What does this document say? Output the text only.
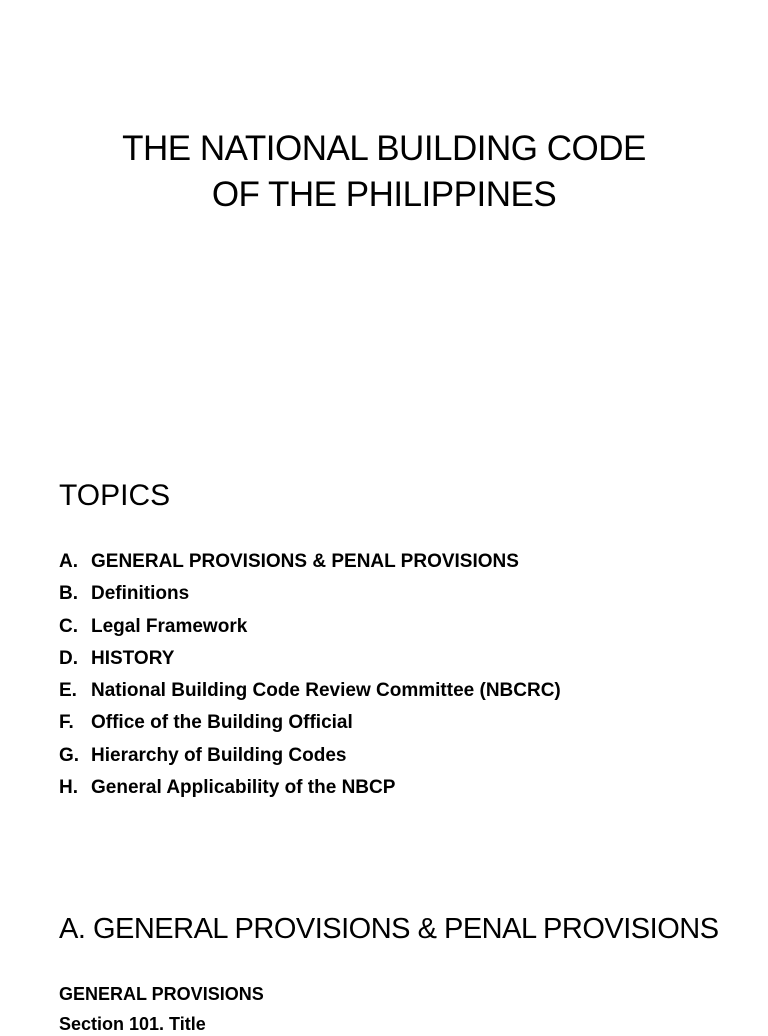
THE NATIONAL BUILDING CODE
OF THE PHILIPPINES
TOPICS
A. GENERAL PROVISIONS & PENAL PROVISIONS
B. Definitions
C. Legal Framework
D. HISTORY
E. National Building Code Review Committee (NBCRC)
F. Office of the Building Official
G. Hierarchy of Building Codes
H. General Applicability of the NBCP
A. GENERAL PROVISIONS & PENAL PROVISIONS
GENERAL PROVISIONS
Section 101. Title
